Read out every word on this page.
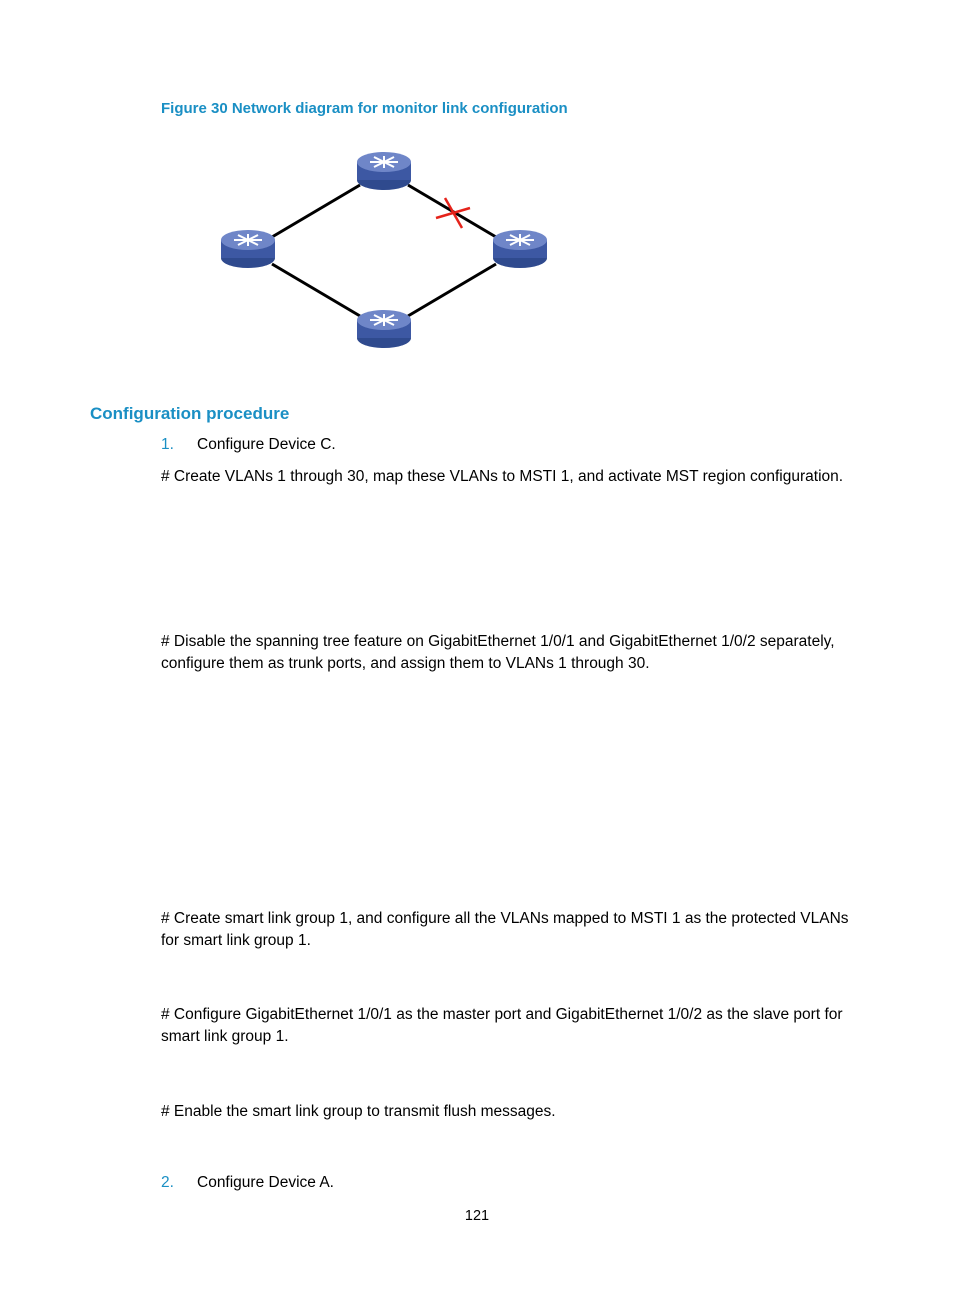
Figure 30 Network diagram for monitor link configuration
Configuration procedure
1. Configure Device C.
# Create VLANs 1 through 30, map these VLANs to MSTI 1, and activate MST region configuration.
# Disable the spanning tree feature on GigabitEthernet 1/0/1 and GigabitEthernet 1/0/2 separately, configure them as trunk ports, and assign them to VLANs 1 through 30.
# Create smart link group 1, and configure all the VLANs mapped to MSTI 1 as the protected VLANs for smart link group 1.
# Configure GigabitEthernet 1/0/1 as the master port and GigabitEthernet 1/0/2 as the slave port for smart link group 1.
# Enable the smart link group to transmit flush messages.
2. Configure Device A.
121
